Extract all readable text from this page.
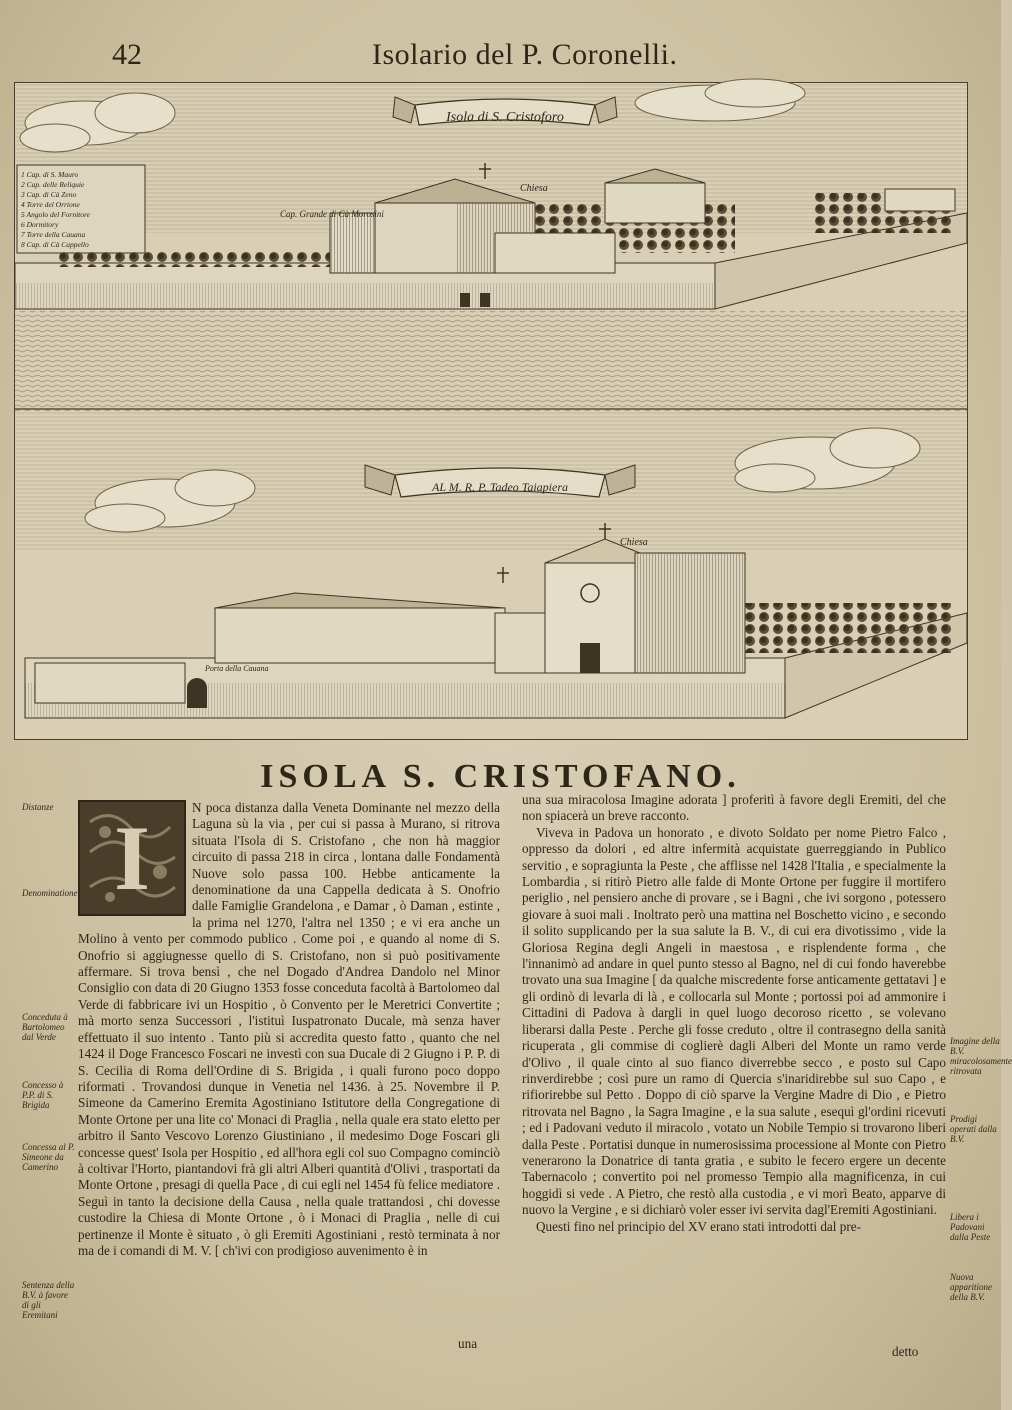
42	Isolario del P. Coronelli.
Isola di S. Cristoforo
1 Cap. di S. Mauro
2 Cap. delle Reliquie
3 Cap. di Cà Zeno
4 Torre del Orrione
5 Angolo del Fornitore
6 Dormitory
7 Torre della Cauana
8 Cap. di Cà Cappello
Chiesa
Cap. Grande di Cà Morosini
AL M. R. P. Tadeo Taiapiera
Chiesa
Porta della Cauana
ISOLA S. CRISTOFANO.
I	N poca distanza dalla Veneta Dominante nel mezzo della Laguna sù la via , per cui si passa à Murano, si ritrova situata l'Isola di S. Cristofano , che non hà maggior circuito di passa 218 in circa , lontana dalle Fondamentà Nuove solo passa 100. Hebbe anticamente la denominatione da una Cappella dedicata à S. Onofrio dalle Famiglie Grandelona , e Damar , ò Daman , estinte , la prima nel 1270, l'altra nel 1350 ; e vi era anche un Molino à vento per commodo publico . Come poi , e quando al nome di S. Onofrio si aggiugnesse quello di S. Cristofano, non si può positivamente affermare. Si trova bensì , che nel Dogado d'Andrea Dandolo nel Minor Consiglio con data di 20 Giugno 1353 fosse conceduta facoltà à Bartolomeo dal Verde di fabbricare ivi un Hospitio , ò Convento per le Meretrici Convertite ; mà morto senza Successori , l'istituì Iuspatronato Ducale, mà senza haver effettuato il suo intento . Tanto più si accredita questo fatto , quanto che nel 1424 il Doge Francesco Foscari ne investì con sua Ducale di 2 Giugno i P. P. di S. Cecilia di Roma dell'Ordine di S. Brigida , i quali furono poco doppo riformati . Trovandosi dunque in Venetia nel 1436. à 25. Novembre il P. Simeone da Camerino Eremita Agostiniano Istitutore della Congregatione di Monte Ortone per una lite co' Monaci di Praglia , nella quale era stato eletto per arbitro il Santo Vescovo Lorenzo Giustiniano , il medesimo Doge Foscari gli concesse quest' Isola per Hospitio , ed all'hora egli col suo Compagno cominciò à coltivar l'Horto, piantandovi frà gli altri Alberi quantità d'Olivi , trasportati da Monte Ortone , presagi di quella Pace , di cui egli nel 1454 fù felice mediatore . Seguì in tanto la decisione della Causa , nella quale trattandosi , chi dovesse custodire la Chiesa di Monte Ortone , ò i Monaci di Praglia , nelle di cui pertinenze il Monte è situato , ò gli Eremiti Agostiniani , restò terminata à nor ma de i comandi di M. V. [ ch'ivi con prodigioso auvenimento è in

una

una sua miracolosa Imagine adorata ] proferitì à favore degli Eremiti, del che non spiacerà un breve racconto.

Viveva in Padova un honorato , e divoto Soldato per nome Pietro Falco , oppresso da dolori , ed altre infermità acquistate guerreggiando in Publico servitio , e sopragiunta la Peste , che afflisse nel 1428 l'Italia , e specialmente la Lombardia , si ritirò Pietro alle falde di Monte Ortone per fuggire il mortifero periglio , nel pensiero anche di provare , se i Bagni , che ivi sorgono , potessero giovare à suoi mali . Inoltrato però una mattina nel Boschetto vicino , e secondo il solito supplicando per la sua salute la B. V., di cui era divotissimo , vide la Gloriosa Regina degli Angeli in maestosa , e risplendente forma , che l'innanimò ad andare in quel punto stesso al Bagno, nel di cui fondo haverebbe trovato una sua Imagine [ da qualche miscredente forse anticamente gettatavi ] e gli ordinò di levarla di là , e collocarla sul Monte ; portossi poi ad ammonire i Cittadini di Padova à dargli in quel luogo decoroso ricetto , se volevano liberarsi dalla Peste . Perche gli fosse creduto , oltre il contrasegno della sanità ricuperata , gli commise di coglierè dagli Alberi del Monte un ramo verde d'Olivo , il quale cinto al suo fianco diverrebbe secco , e posto sul Capo rinverdirebbe ; così pure un ramo di Quercia s'inaridirebbe sul suo Capo , e rifiorirebbe sul Petto . Doppo di ciò sparve la Vergine Madre di Dio , e Pietro ritrovata nel Bagno , la Sagra Imagine , e la sua salute , esequì gl'ordini ricevuti ; ed i Padovani veduto il miracolo , votato un Nobile Tempio si trovarono liberi dalla Peste . Portatisi dunque in numerosissima processione al Monte con Pietro venerarono la Donatrice di tanta gratia , e subito le fecero ergere un decente Tabernacolo ; convertito poi nel promesso Tempio alla magnificenza, in cui hoggidì si vede . A Pietro, che restò alla custodia , e vi morì Beato, apparve di nuovo la Vergine , e si dichiarò voler esser ivi servita dagl'Eremiti Agostiniani.

Questi fino nel principio del XV erano stati introdotti dal pre-

detto
Distanze
Denominatione
Conceduta à Bartolomeo dal Verde
Concesso à P.P. di S. Brigida
Concessa al P. Simeone da Camerino
Sentenza della B.V. à favore di gli Eremitani
Imagine della B.V. miracolosamente ritrovata
Prodigi operati dalla B.V.
Libera i Padovani dalla Peste
Nuova apparitione della B.V.
